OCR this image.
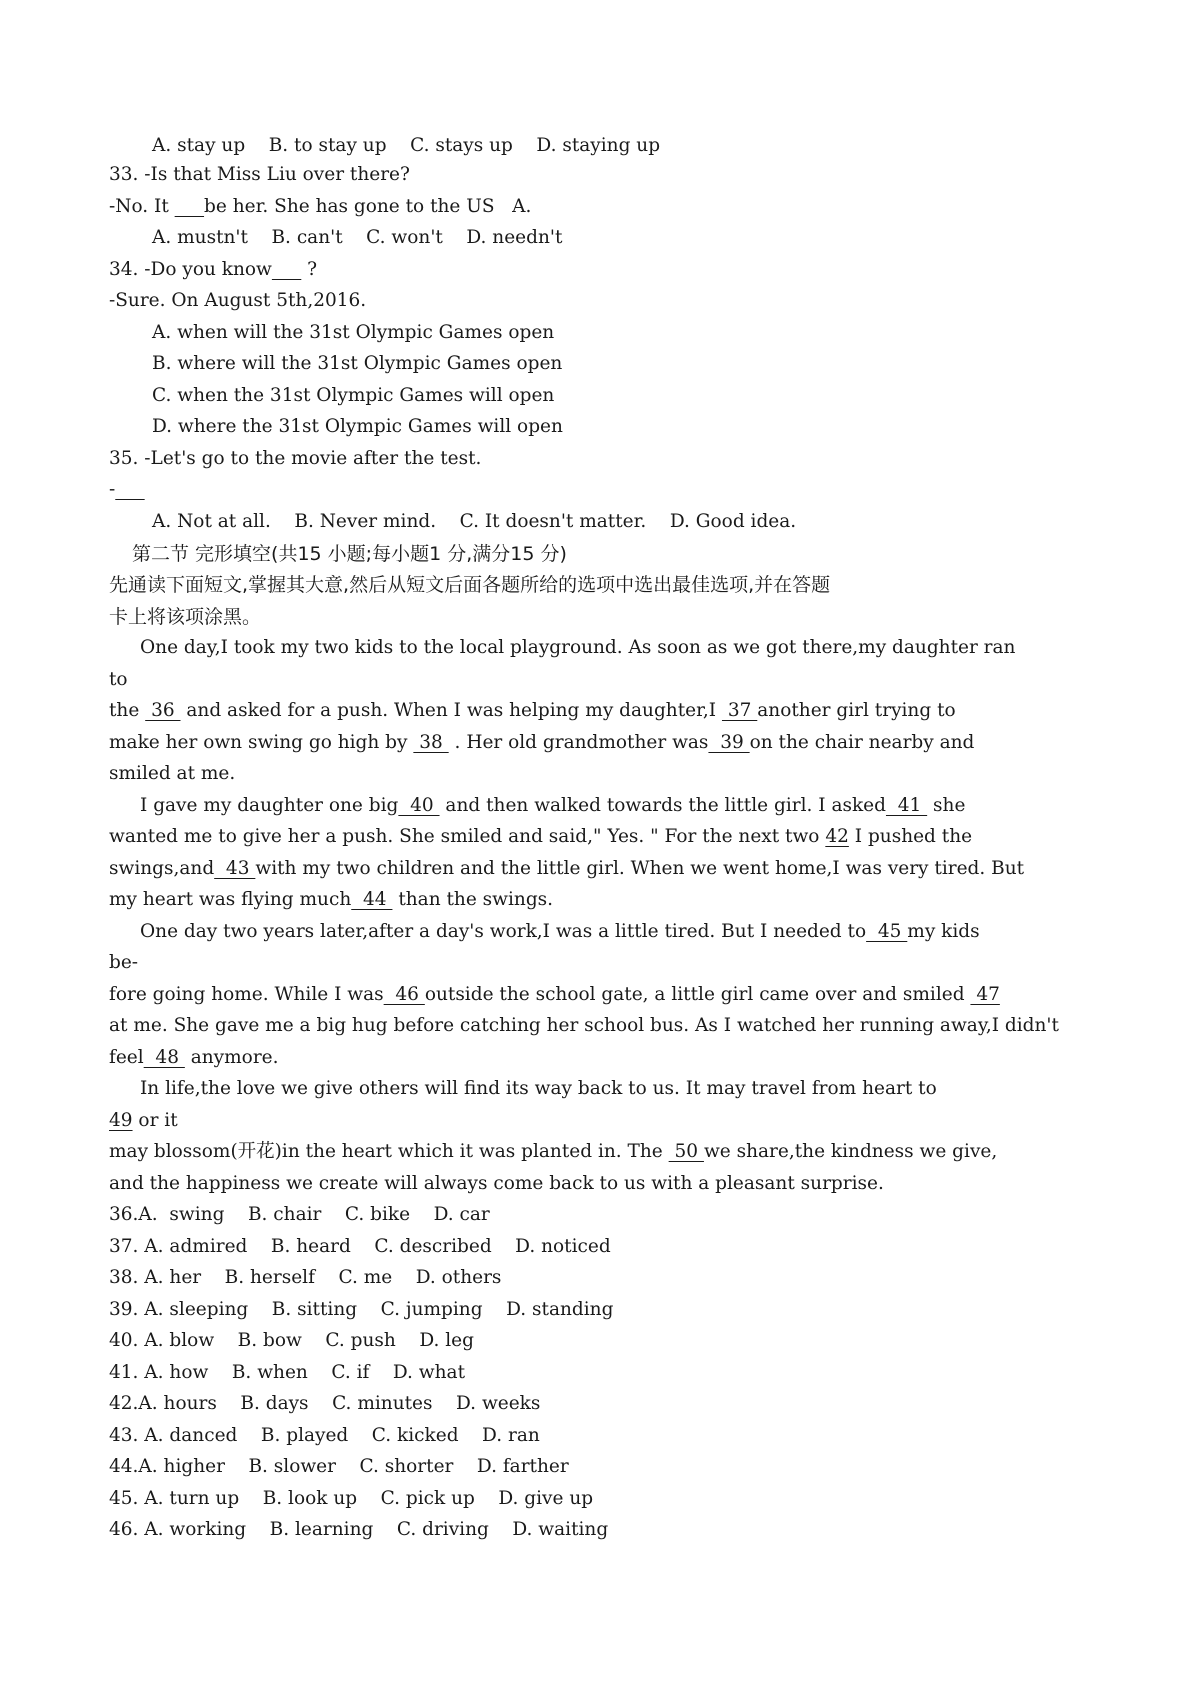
A. stay up    B. to stay up    C. stays up    D. staying up
33. -Is that Miss Liu over there?
-No. It      be her. She has gone to the US   A.
A. mustn't    B. can't    C. won't    D. needn't
34. -Do you know      ?
-Sure. On August 5th,2016.
A. when will the 31st Olympic Games open
B. where will the 31st Olympic Games open
C. when the 31st Olympic Games will open
D. where the 31st Olympic Games will open
35. -Let's go to the movie after the test.
-
A. Not at all.    B. Never mind.    C. It doesn't matter.    D. Good idea.
第二节 完形填空(共15 小题;每小题1 分,满分15 分)
先通读下面短文,掌握其大意,然后从短文后面各题所给的选项中选出最佳选项,并在答题
卡上将该项涂黑。
One day,I took my two kids to the local playground. As soon as we got there,my daughter ran
to
the  36  and asked for a push. When I was helping my daughter,I  37 another girl trying to
make her own swing go high by  38  . Her old grandmother was  39 on the chair nearby and
smiled at me.
I gave my daughter one big  40  and then walked towards the little girl. I asked  41  she
wanted me to give her a push. She smiled and said," Yes. " For the next two 42 I pushed the
swings,and  43 with my two children and the little girl. When we went home,I was very tired. But
my heart was flying much  44  than the swings.
One day two years later,after a day's work,I was a little tired. But I needed to  45 my kids
be-
fore going home. While I was  46 outside the school gate, a little girl came over and smiled  47
at me. She gave me a big hug before catching her school bus. As I watched her running away,I didn't
feel  48  anymore.
In life,the love we give others will find its way back to us. It may travel from heart to
49 or it
may blossom(开花)in the heart which it was planted in. The  50 we share,the kindness we give,
and the happiness we create will always come back to us with a pleasant surprise.
36.A.  swing    B. chair    C. bike    D. car
37. A. admired    B. heard    C. described    D. noticed
38. A. her    B. herself    C. me    D. others
39. A. sleeping    B. sitting    C. jumping    D. standing
40. A. blow    B. bow    C. push    D. leg
41. A. how    B. when    C. if    D. what
42.A. hours    B. days    C. minutes    D. weeks
43. A. danced    B. played    C. kicked    D. ran
44.A. higher    B. slower    C. shorter    D. farther
45. A. turn up    B. look up    C. pick up    D. give up
46. A. working    B. learning    C. driving    D. waiting
